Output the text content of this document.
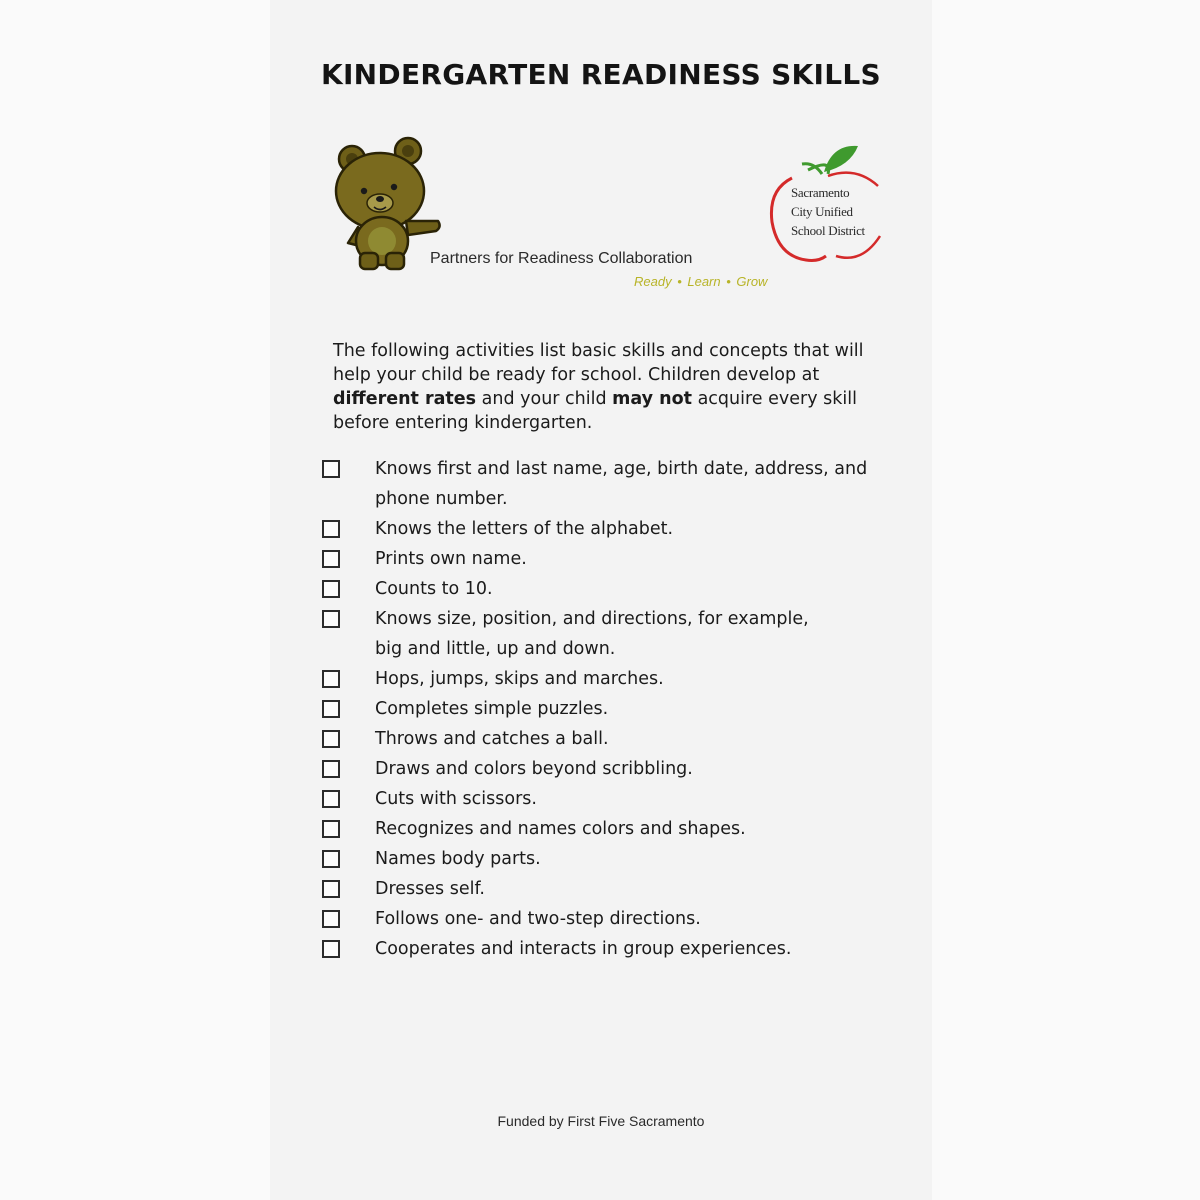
KINDERGARTEN READINESS SKILLS
Partners for Readiness Collaboration
Ready • Learn • Grow
Sacramento
City Unified
School District
The following activities list basic skills and concepts that will help your child be ready for school. Children develop at different rates and your child may not acquire every skill before entering kindergarten.
Knows first and last name, age, birth date, address, and phone number.
Knows the letters of the alphabet.
Prints own name.
Counts to 10.
Knows size, position, and directions, for example, big and little, up and down.
Hops, jumps, skips and marches.
Completes simple puzzles.
Throws and catches a ball.
Draws and colors beyond scribbling.
Cuts with scissors.
Recognizes and names colors and shapes.
Names body parts.
Dresses self.
Follows one- and two-step directions.
Cooperates and interacts in group experiences.
Funded by First Five Sacramento
